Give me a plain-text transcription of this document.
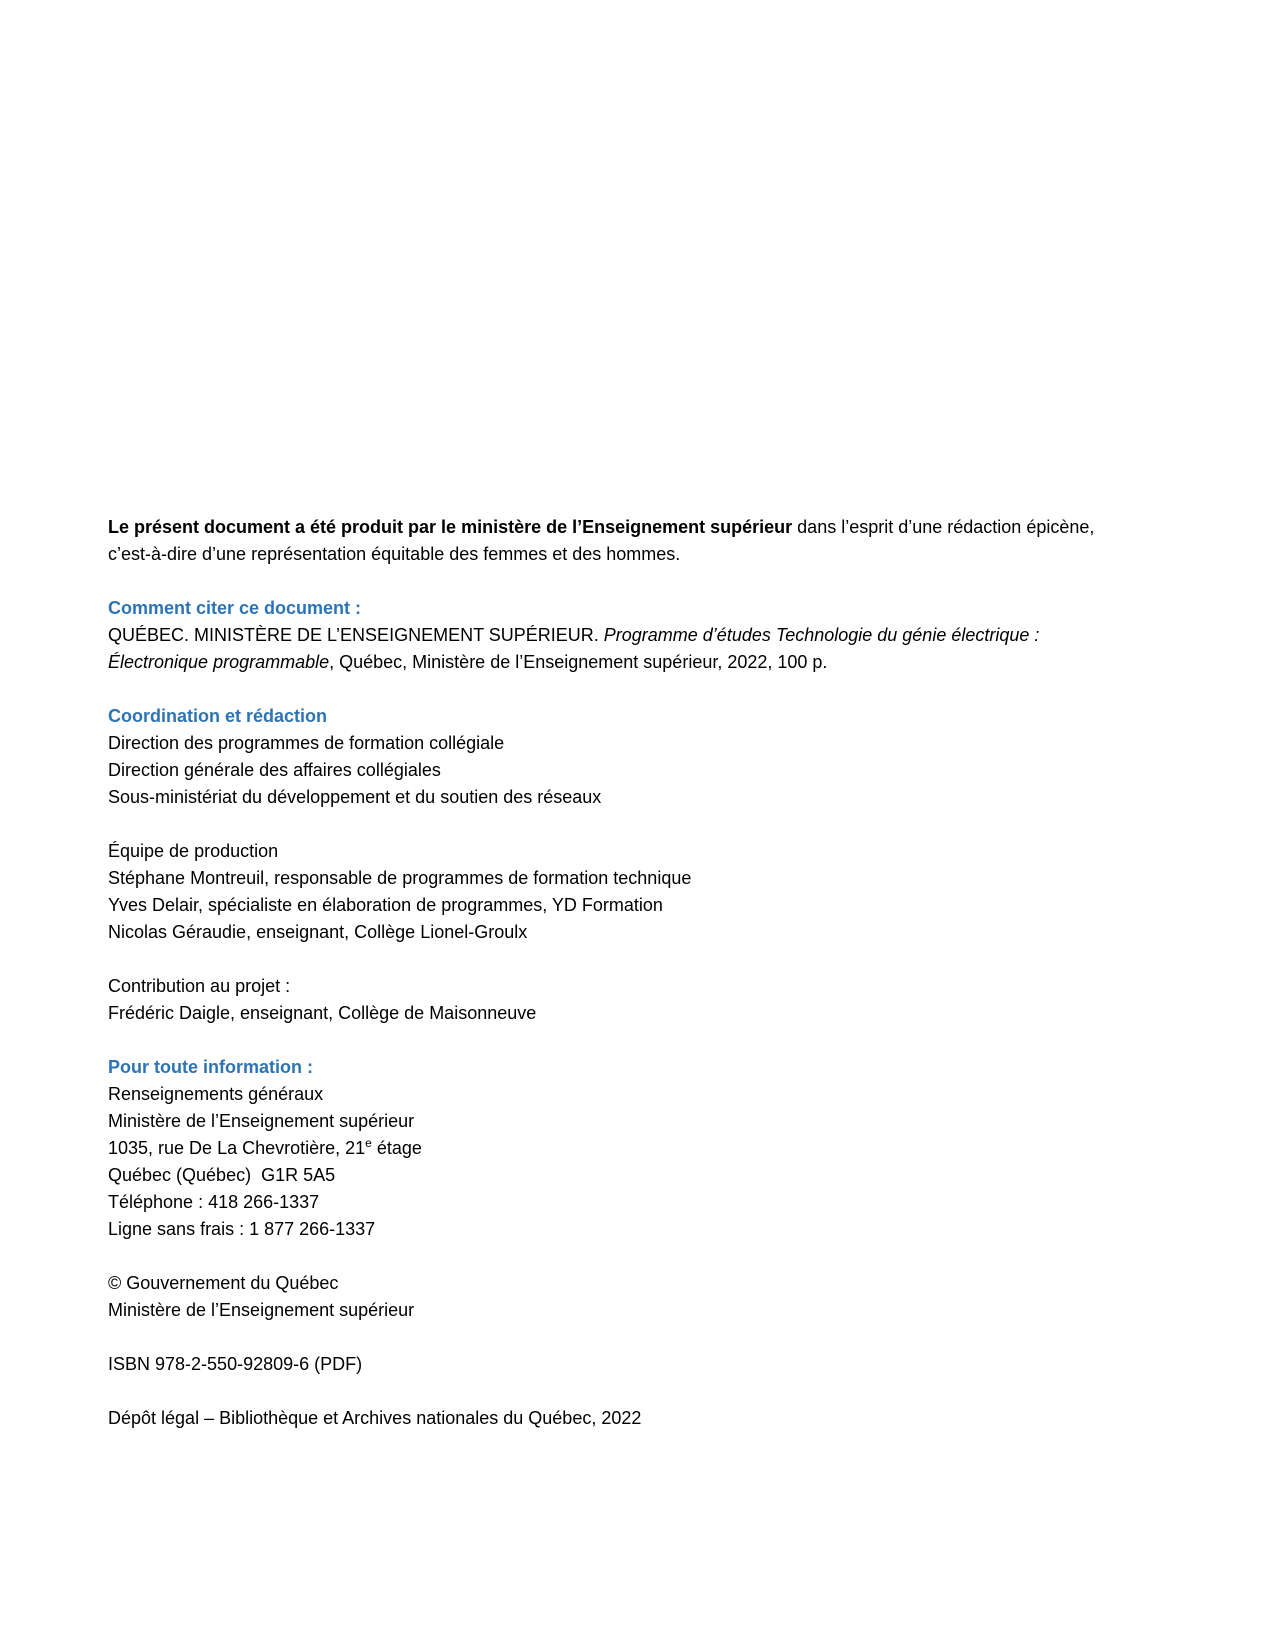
Le présent document a été produit par le ministère de l’Enseignement supérieur dans l’esprit d’une rédaction épicène, c’est-à-dire d’une représentation équitable des femmes et des hommes.

Comment citer ce document :

QUÉBEC. MINISTÈRE DE L’ENSEIGNEMENT SUPÉRIEUR. Programme d’études Technologie du génie électrique : Électronique programmable, Québec, Ministère de l’Enseignement supérieur, 2022, 100 p.

Coordination et rédaction

Direction des programmes de formation collégiale
Direction générale des affaires collégiales
Sous-ministériat du développement et du soutien des réseaux

Équipe de production
Stéphane Montreuil, responsable de programmes de formation technique
Yves Delair, spécialiste en élaboration de programmes, YD Formation
Nicolas Géraudie, enseignant, Collège Lionel-Groulx

Contribution au projet :
Frédéric Daigle, enseignant, Collège de Maisonneuve

Pour toute information :

Renseignements généraux
Ministère de l’Enseignement supérieur
1035, rue De La Chevrotière, 21e étage
Québec (Québec)  G1R 5A5
Téléphone : 418 266-1337
Ligne sans frais : 1 877 266-1337

© Gouvernement du Québec
Ministère de l’Enseignement supérieur

ISBN 978-2-550-92809-6 (PDF)

Dépôt légal – Bibliothèque et Archives nationales du Québec, 2022
